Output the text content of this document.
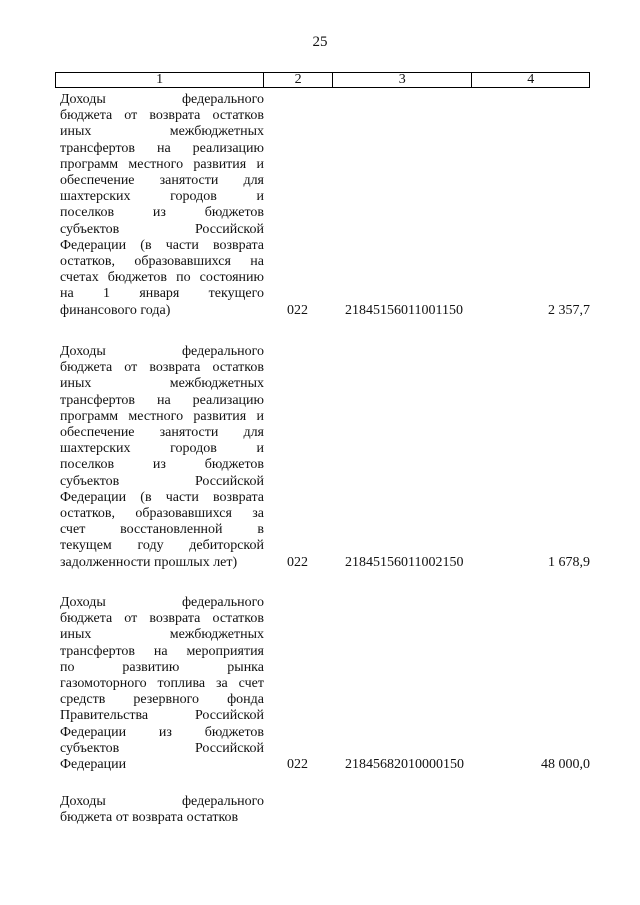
25
1	2	3	4
Доходы федерального
бюджета от возврата остатков
иных межбюджетных
трансфертов на реализацию
программ местного развития и
обеспечение занятости для
шахтерских городов и
поселков из бюджетов
субъектов Российской
Федерации (в части возврата
остатков, образовавшихся на
счетах бюджетов по состоянию
на 1 января текущего
финансового года)	022	21845156011001150	2 357,7
Доходы федерального
бюджета от возврата остатков
иных межбюджетных
трансфертов на реализацию
программ местного развития и
обеспечение занятости для
шахтерских городов и
поселков из бюджетов
субъектов Российской
Федерации (в части возврата
остатков, образовавшихся за
счет восстановленной в
текущем году дебиторской
задолженности прошлых лет)	022	21845156011002150	1 678,9
Доходы федерального
бюджета от возврата остатков
иных межбюджетных
трансфертов на мероприятия
по развитию рынка
газомоторного топлива за счет
средств резервного фонда
Правительства Российской
Федерации из бюджетов
субъектов Российской
Федерации	022	21845682010000150	48 000,0
Доходы федерального
бюджета от возврата остатков
